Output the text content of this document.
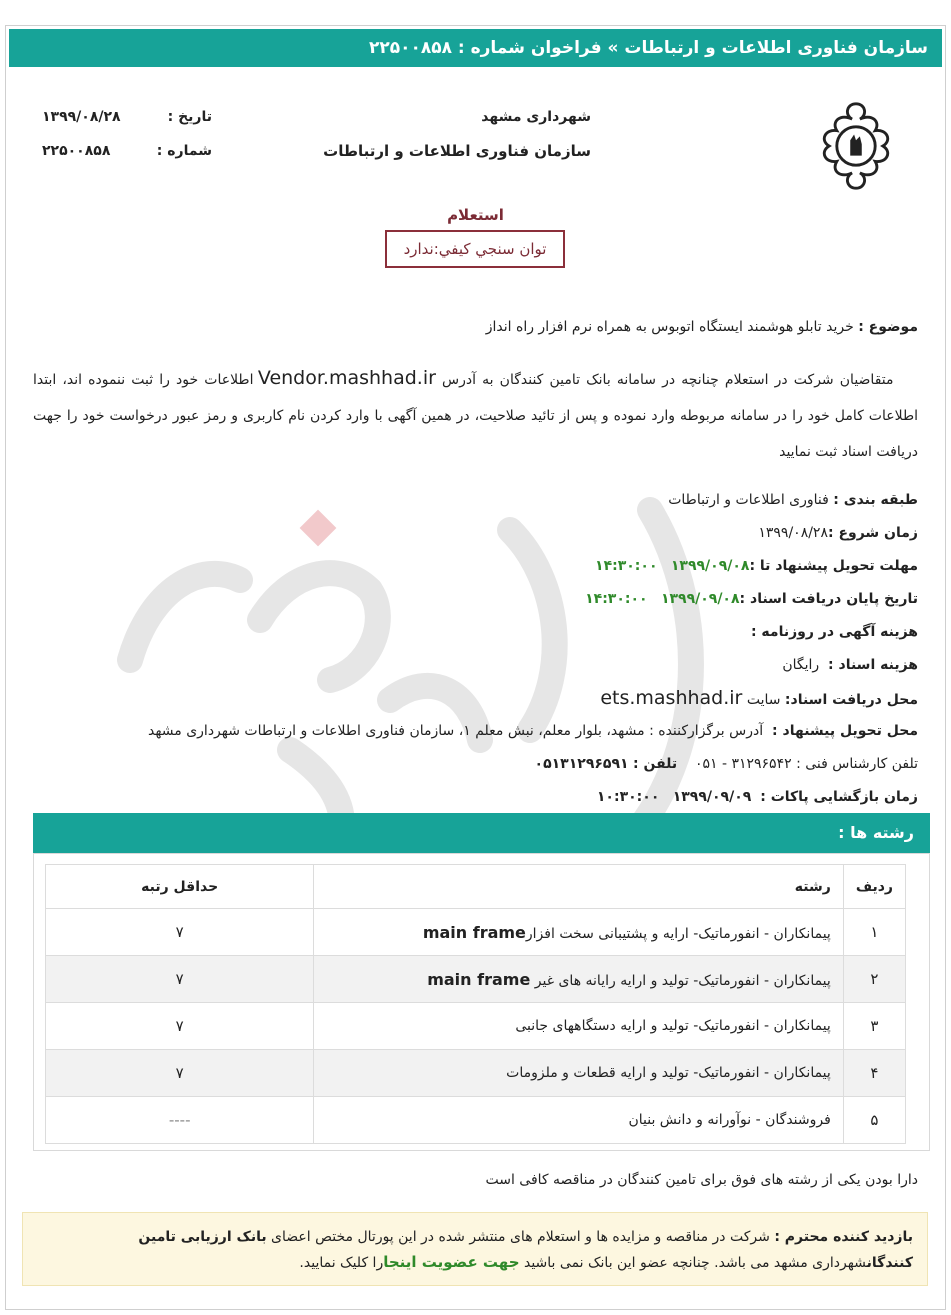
سازمان فناوری اطلاعات و ارتباطات » فراخوان شماره : ۲۲۵۰۰۸۵۸
شهرداری مشهد
سازمان فناوری اطلاعات و ارتباطات
تاریخ :
۱۳۹۹/۰۸/۲۸
شماره :
۲۲۵۰۰۸۵۸
استعلام
توان سنجي كيفي:ندارد
موضوع : خرید تابلو هوشمند ایستگاه اتوبوس به همراه نرم افزار راه انداز
متقاضیان شرکت در استعلام چنانچه در سامانه بانک تامین کنندگان به آدرس Vendor.mashhad.ir اطلاعات خود را ثبت ننموده اند، ابتدا اطلاعات کامل خود را در سامانه مربوطه وارد نموده و پس از تائید صلاحیت، در همین آگهی با وارد کردن نام کاربری و رمز عبور درخواست خود را جهت دریافت اسناد ثبت نمایید
طبقه بندی : فناوری اطلاعات و ارتباطات
زمان شروع :۱۳۹۹/۰۸/۲۸
مهلت تحویل پیشنهاد تا :۱۳۹۹/۰۹/۰۸   ۱۴:۳۰:۰۰
تاریخ پایان دریافت اسناد :۱۳۹۹/۰۹/۰۸   ۱۴:۳۰:۰۰
هزینه آگهی در روزنامه :
هزینه اسناد :  رایگان
محل دریافت اسناد: سایت ets.mashhad.ir
محل تحویل پیشنهاد :  آدرس برگزارکننده : مشهد، بلوار معلم، نبش معلم ۱، سازمان فناوری اطلاعات و ارتباطات شهرداری مشهد
تلفن کارشناس فنی : ۳۱۲۹۶۵۴۲ - ۰۵۱    تلفن : ۰۵۱۳۱۲۹۶۵۹۱
زمان بازگشایی پاکات :  ۱۳۹۹/۰۹/۰۹   ۱۰:۳۰:۰۰
رشته ها :
ردیف	رشته	حداقل رتبه
۱	پیمانکاران - انفورماتیک- ارایه و پشتیبانی سخت افزارmain frame	۷
۲	پیمانکاران - انفورماتیک- تولید و ارایه رایانه های غیر main frame	۷
۳	پیمانکاران - انفورماتیک- تولید و ارایه دستگاههای جانبی	۷
۴	پیمانکاران - انفورماتیک- تولید و ارایه قطعات و ملزومات	۷
۵	فروشندگان - نوآورانه و دانش بنیان	----
دارا بودن یکی از رشته های فوق برای تامین کنندگان در مناقصه کافی است
بازدید کننده محترم : شرکت در مناقصه و مزایده ها و استعلام های منتشر شده در این پورتال مختص اعضای بانک ارزیابی تامین کنندگانشهرداری مشهد می باشد. چنانچه عضو این بانک نمی باشید جهت عضویت اینجارا کلیک نمایید.
